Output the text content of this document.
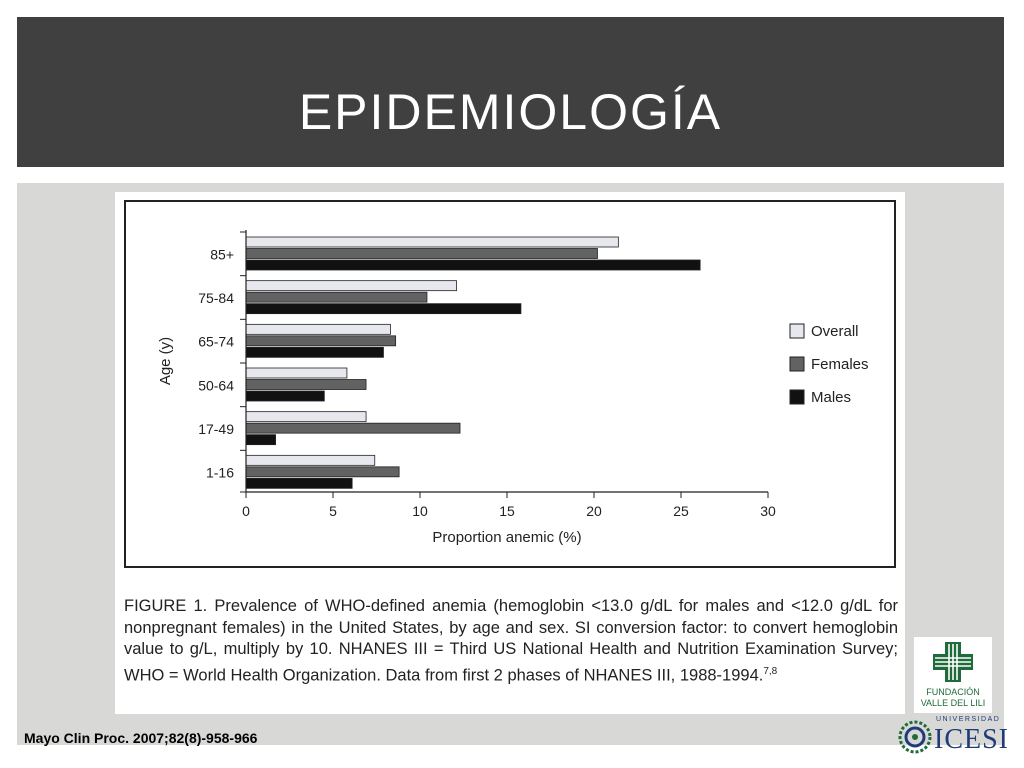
EPIDEMIOLOGÍA
Age (y)
85+
75-84
65-74
50-64
17-49
1-16
0	5	10	15	20	25	30
Proportion anemic (%)
Overall
Females
Males
FIGURE 1. Prevalence of WHO-defined anemia (hemoglobin <13.0 g/dL for males and <12.0 g/dL for nonpregnant females) in the United States, by age and sex. SI conversion factor: to convert hemoglobin value to g/L, multiply by 10. NHANES III = Third US National Health and Nutrition Examination Survey; WHO = World Health Organization. Data from first 2 phases of NHANES III, 1988-1994.$^{7,8}$
Mayo Clin Proc. 2007;82(8)-958-966
FUNDACIÓN
VALLE DEL LILI
UNIVERSIDAD
ICESI
